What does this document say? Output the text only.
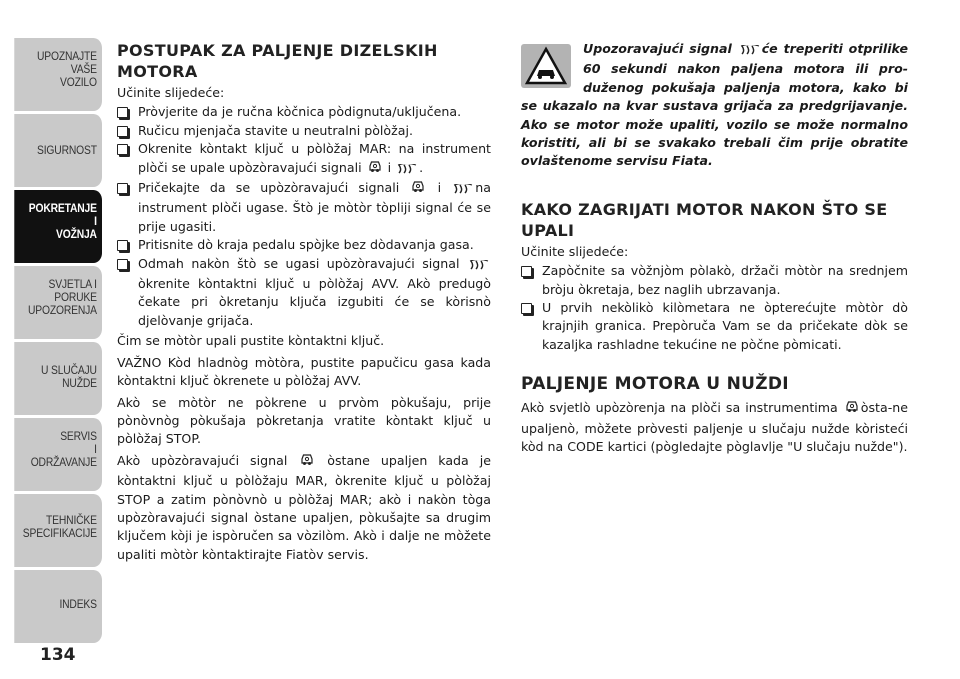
UPOZNAJTE
VAŠE
VOZILO
SIGURNOST
POKRETANJE
I
VOŽNJA
SVJETLA I
PORUKE
UPOZORENJA
U SLUČAJU
NUŽDE
SERVIS
I
ODRŽAVANJE
TEHNIČKE
SPECIFIKACIJE
INDEKS
134
POSTUPAK ZA PALJENJE DIZELSKIH MOTORA

Učinite slijedeće:

Pròvjerite da je ručna kòčnica pòdignuta/uključena.
Ručicu mjenjača stavite u neutralni pòlòžaj.
Okrenite kòntakt ključ u pòlòžaj MAR: na instrument plòči se upale upòzòravajući signali i .
Pričekajte da se upòzòravajući signali	i	na instrument plòči ugase. Štò je mòtòr tòpliji signal će se prije ugasiti.
Pritisnite dò kraja pedalu spòjke bez dòdavanja gasa.
Odmah nakòn štò se ugasi upòzòravajući signal  òkrenite kòntaktni ključ u pòlòžaj AVV. Akò predugò čekate pri òkretanju ključa izgubiti će se kòrisnò djelòvanje grijača.

Čim se mòtòr upali pustite kòntaktni ključ.

VAŽNO Kòd hladnòg mòtòra, pustite papučicu gasa kada kòntaktni ključ òkrenete u pòlòžaj AVV.

Akò se mòtòr ne pòkrene u prvòm pòkušaju, prije pònòvnòg pòkušaja pòkretanja vratite kòntakt ključ u pòlòžaj STOP.

Akò upòzòravajući signal	òstane upaljen kada je kòntaktni ključ u pòlòžaju MAR, òkrenite ključ u pòlòžaj STOP a zatim pònòvnò u pòlòžaj MAR; akò i nakòn tòga upòzòravajući signal òstane upaljen, pòkušajte sa drugim ključem kòji je ispòručen sa vòzilòm. Akò i dalje ne mòžete upaliti mòtòr kòntaktirajte Fiatòv servis.

Upozoravajući signal će treperiti otprilike 60 sekundi nakon paljena motora ili pro-duženog pokušaja paljenja motora, kako bi se ukazalo na kvar sustava grijača za predgrijavanje. Ako se motor može upaliti, vozilo se može normalno koristiti, ali bi se svakako trebali čim prije obratite ovlaštenome servisu Fiata.
KAKO ZAGRIJATI MOTOR NAKON ŠTO SE UPALI

Učinite slijedeće:

Zapòčnite sa vòžnjòm pòlakò, držači mòtòr na srednjem bròju òkretaja, bez naglih ubrzavanja.
U prvih nekòlikò kilòmetara ne òpterećujte mòtòr dò krajnjih granica. Prepòruča Vam se da pričekate dòk se kazaljka rashladne tekućine ne pòčne pòmicati.
PALJENJE MOTORA U NUŽDI

Akò svjetlò upòzòrenja na plòči sa instrumentima òsta-ne upaljenò, mòžete pròvesti paljenje u slučaju nužde kòristeći kòd na CODE kartici (pògledajte pòglavlje "U slučaju nužde").
